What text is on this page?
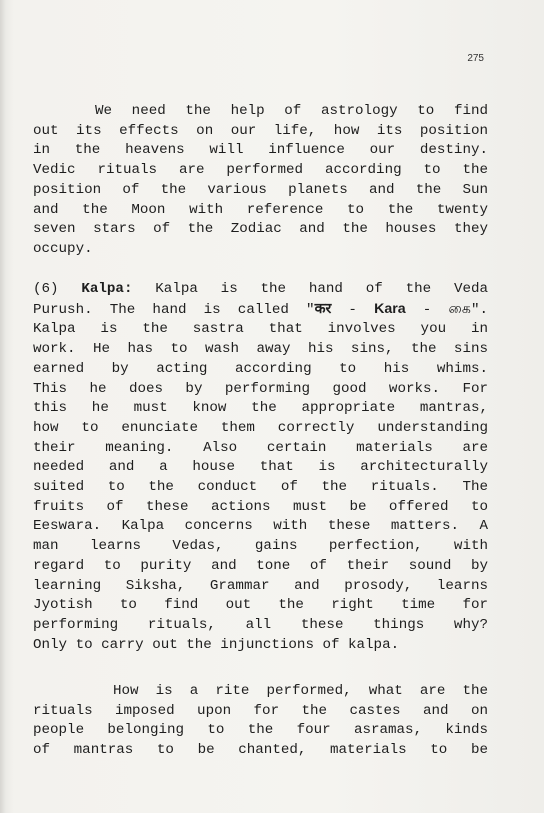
275
We need the help of astrology to find
out its effects on our life, how its position
in the heavens will influence our destiny.
Vedic rituals are performed according to the
position of the various planets and the Sun
and the Moon with reference to the twenty
seven stars of the Zodiac and the houses they
occupy.
(6) Kalpa: Kalpa is the hand of the Veda
Purush. The hand is called "कर - Kara - கை".
Kalpa is the sastra that involves you in
work. He has to wash away his sins, the sins
earned by acting according to his whims.
This he does by performing good works. For
this he must know the appropriate mantras,
how to enunciate them correctly understanding
their meaning. Also certain materials are
needed and a house that is architecturally
suited to the conduct of the rituals. The
fruits of these actions must be offered to
Eeswara. Kalpa concerns with these matters. A
man learns Vedas, gains perfection, with
regard to purity and tone of their sound by
learning Siksha, Grammar and prosody, learns
Jyotish to find out the right time for
performing rituals, all these things why?
Only to carry out the injunctions of kalpa.
How is a rite performed, what are the
rituals imposed upon for the castes and on
people belonging to the four asramas, kinds
of mantras to be chanted, materials to be
